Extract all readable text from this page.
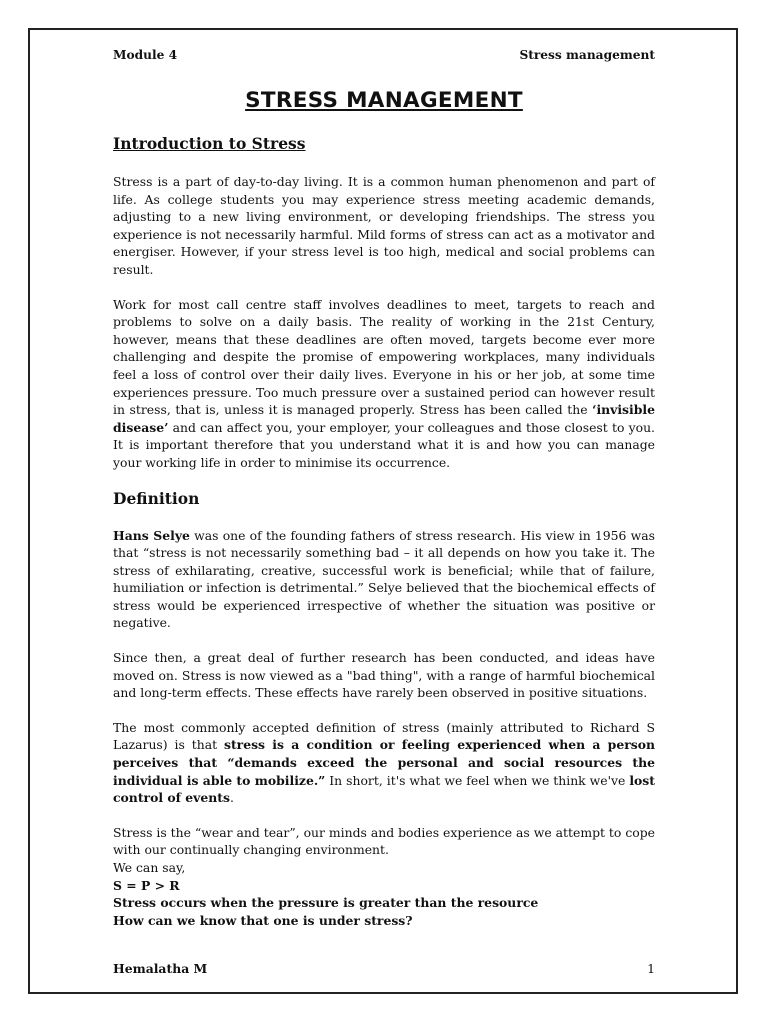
Module 4	Stress management
STRESS MANAGEMENT
Introduction to Stress

Stress is a part of day-to-day living. It is a common human phenomenon and part of life. As college students you may experience stress meeting academic demands, adjusting to a new living environment, or developing friendships. The stress you experience is not necessarily harmful. Mild forms of stress can act as a motivator and energiser. However, if your stress level is too high, medical and social problems can result.

Work for most call centre staff involves deadlines to meet, targets to reach and problems to solve on a daily basis. The reality of working in the 21st Century, however, means that these deadlines are often moved, targets become ever more challenging and despite the promise of empowering workplaces, many individuals feel a loss of control over their daily lives. Everyone in his or her job, at some time experiences pressure. Too much pressure over a sustained period can however result in stress, that is, unless it is managed properly. Stress has been called the ‘invisible disease’ and can affect you, your employer, your colleagues and those closest to you. It is important therefore that you understand what it is and how you can manage your working life in order to minimise its occurrence.

Definition

Hans Selye was one of the founding fathers of stress research. His view in 1956 was that “stress is not necessarily something bad – it all depends on how you take it. The stress of exhilarating, creative, successful work is beneficial; while that of failure, humiliation or infection is detrimental.” Selye believed that the biochemical effects of stress would be experienced irrespective of whether the situation was positive or negative.

Since then, a great deal of further research has been conducted, and ideas have moved on. Stress is now viewed as a "bad thing", with a range of harmful biochemical and long-term effects. These effects have rarely been observed in positive situations.

The most commonly accepted definition of stress (mainly attributed to Richard S Lazarus) is that stress is a condition or feeling experienced when a person perceives that “demands exceed the personal and social resources the individual is able to mobilize.” In short, it's what we feel when we think we've lost control of events.

Stress is the “wear and tear”, our minds and bodies experience as we attempt to cope with our continually changing environment.

We can say,

S = P > R

Stress occurs when the pressure is greater than the resource

How can we know that one is under stress?

Hemalatha M	1
